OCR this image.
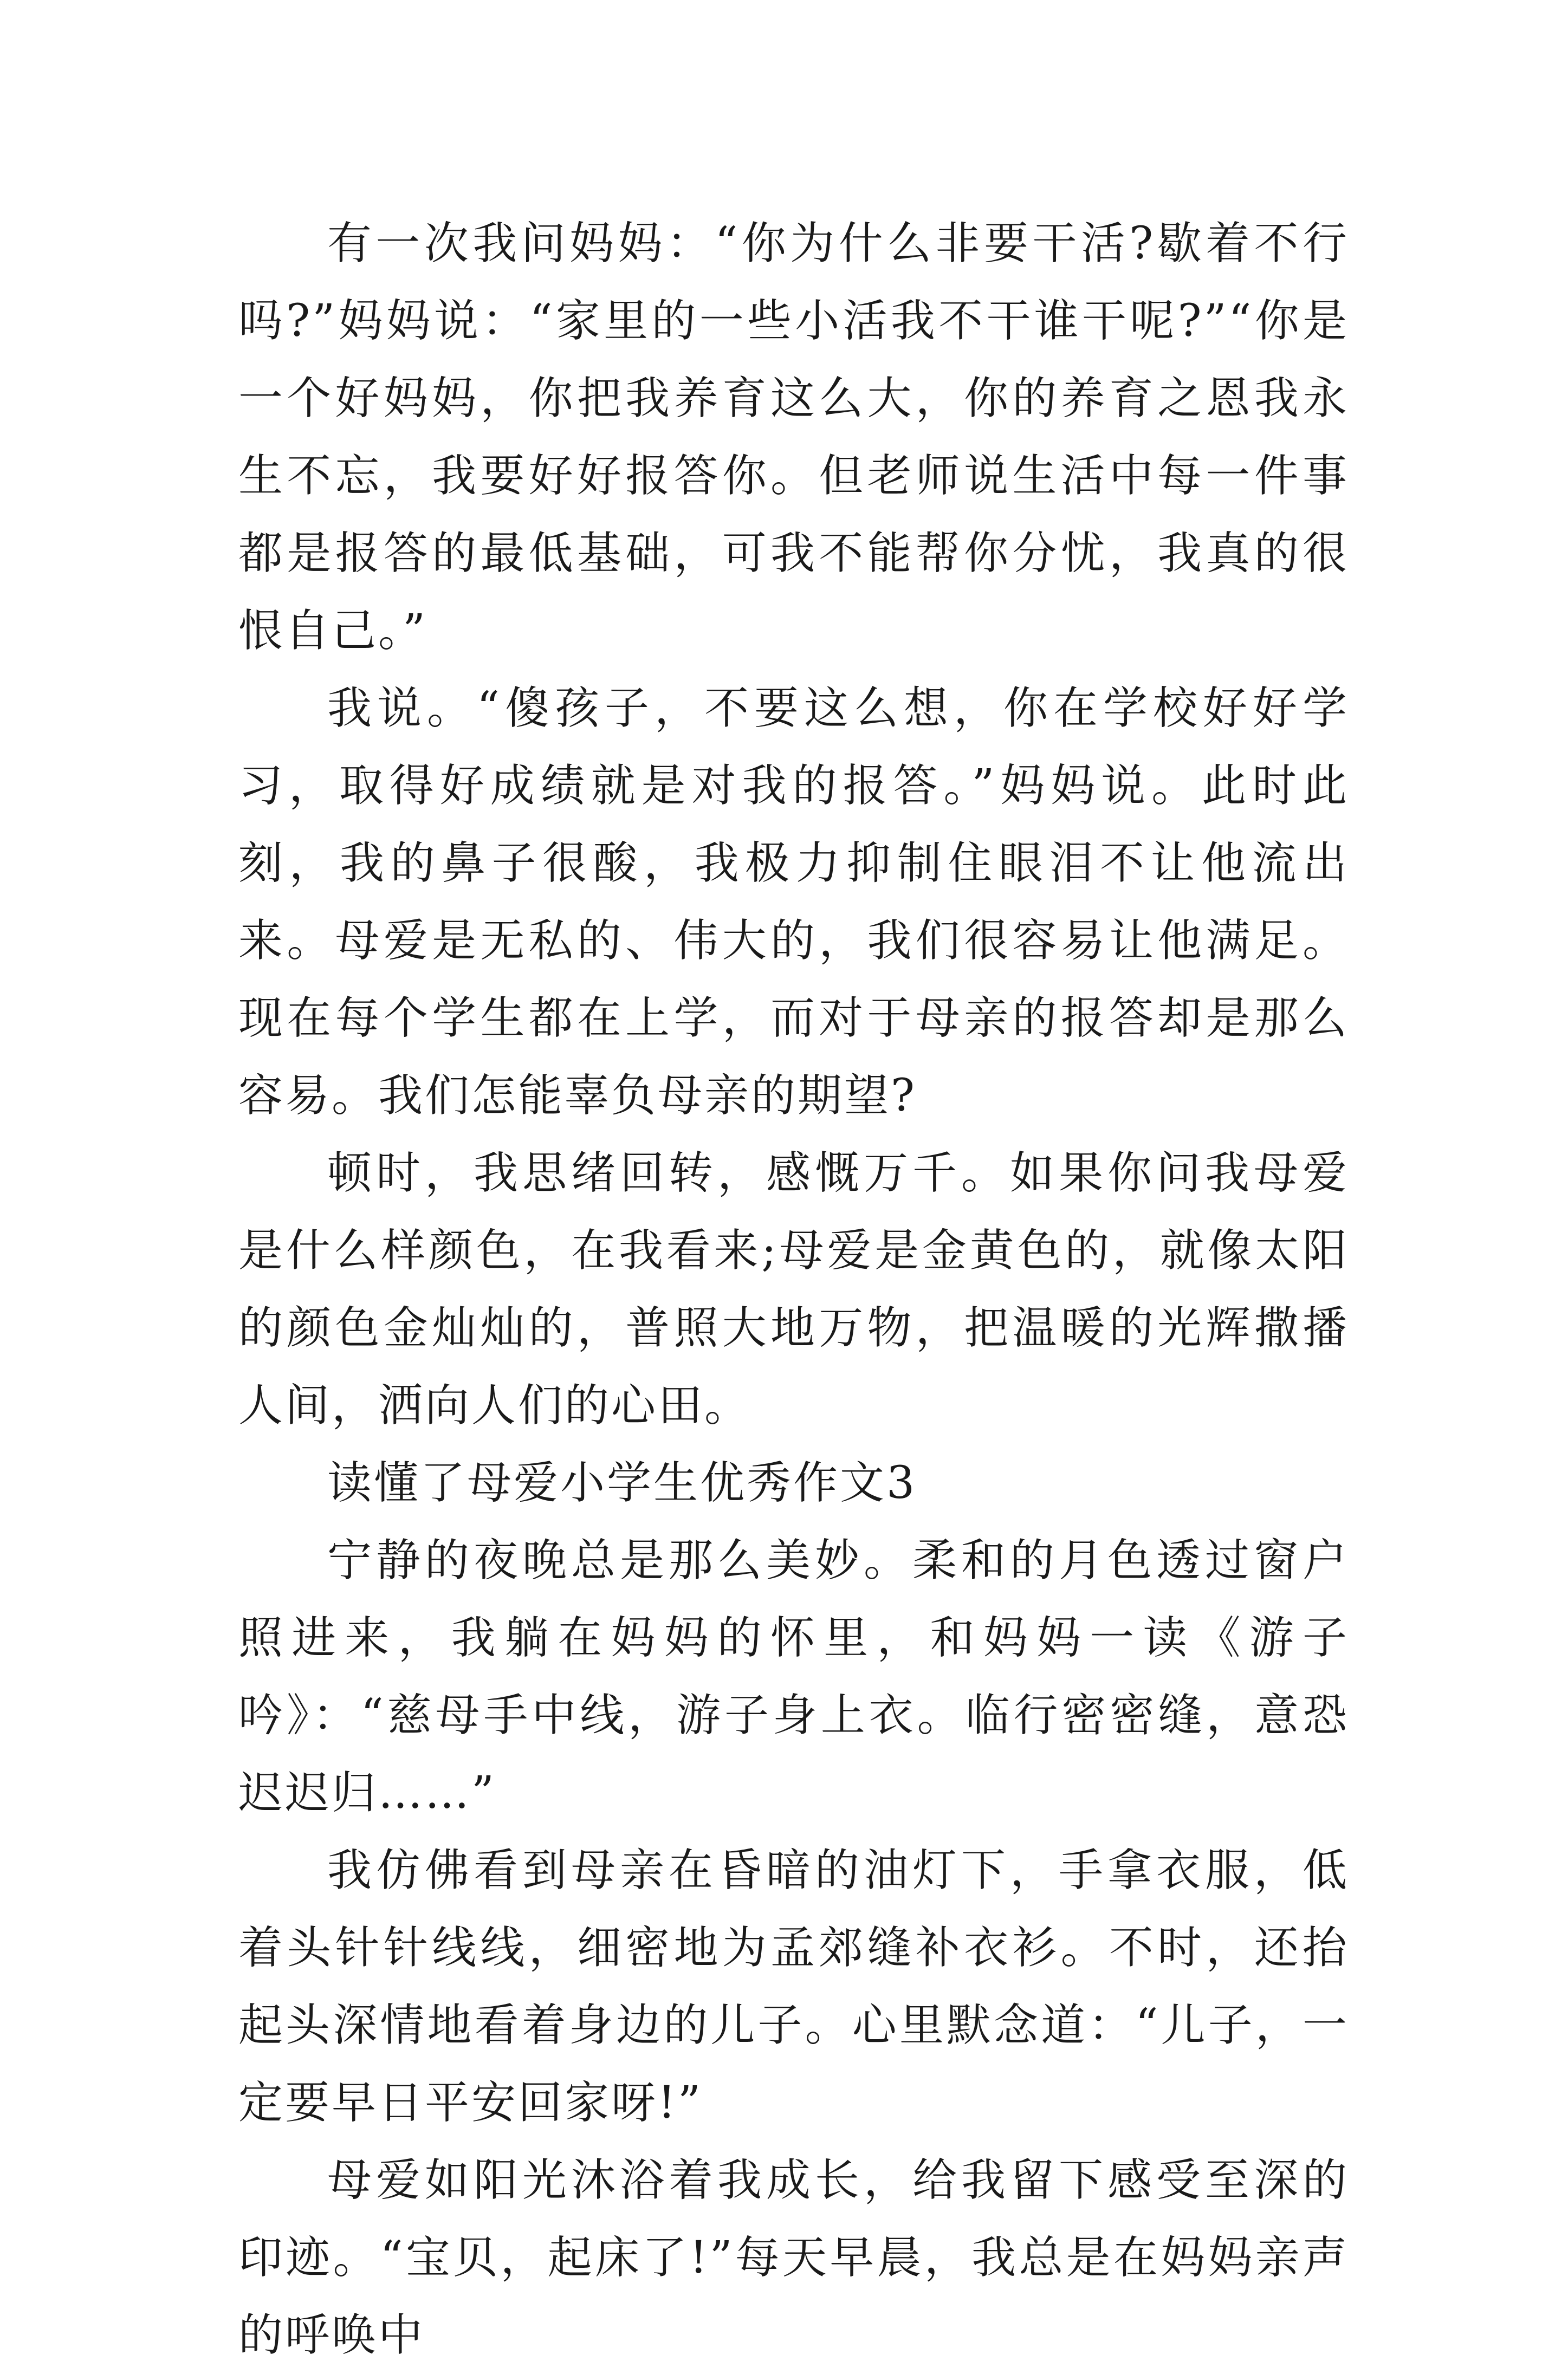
有一次我问妈妈：“你为什么非要干活?歇着不行吗?”妈妈说：“家里的一些小活我不干谁干呢?”“你是一个好妈妈，你把我养育这么大，你的养育之恩我永生不忘，我要好好报答你。但老师说生活中每一件事都是报答的最低基础，可我不能帮你分忧，我真的很恨自己。”

我说。“傻孩子，不要这么想，你在学校好好学习，取得好成绩就是对我的报答。”妈妈说。此时此刻，我的鼻子很酸，我极力抑制住眼泪不让他流出来。母爱是无私的、伟大的，我们很容易让他满足。现在每个学生都在上学，而对于母亲的报答却是那么容易。我们怎能辜负母亲的期望?

顿时，我思绪回转，感慨万千。如果你问我母爱是什么样颜色，在我看来;母爱是金黄色的，就像太阳的颜色金灿灿的，普照大地万物，把温暖的光辉撒播人间，洒向人们的心田。

读懂了母爱小学生优秀作文3

宁静的夜晚总是那么美妙。柔和的月色透过窗户照进来，我躺在妈妈的怀里，和妈妈一读《游子吟》：“慈母手中线，游子身上衣。临行密密缝，意恐迟迟归……”

我仿佛看到母亲在昏暗的油灯下，手拿衣服，低着头针针线线，细密地为孟郊缝补衣衫。不时，还抬起头深情地看着身边的儿子。心里默念道：“儿子，一定要早日平安回家呀!”

母爱如阳光沐浴着我成长，给我留下感受至深的印迹。“宝贝，起床了!”每天早晨，我总是在妈妈亲声的呼唤中
